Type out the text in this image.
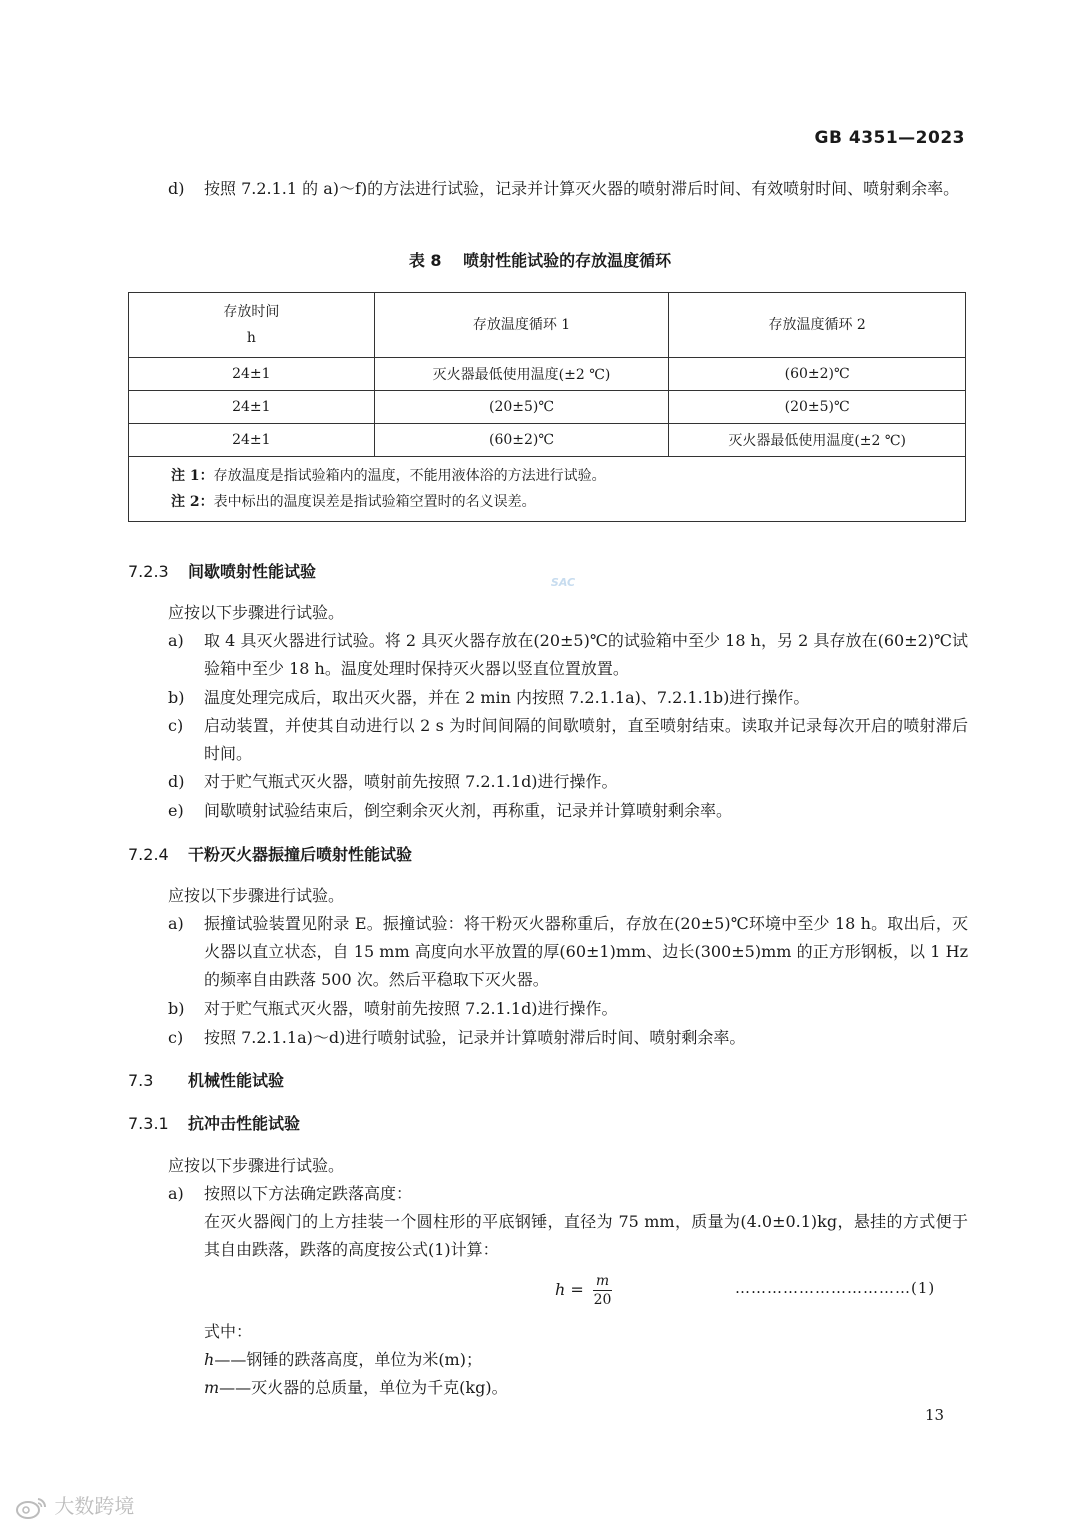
GB 4351—2023
d)	按照 7.2.1.1 的 a)～f)的方法进行试验，记录并计算灭火器的喷射滞后时间、有效喷射时间、喷射剩余率。
表 8 喷射性能试验的存放温度循环
存放时间
h	存放温度循环 1	存放温度循环 2
24±1	灭火器最低使用温度(±2 ℃)	(60±2)℃
24±1	(20±5)℃	(20±5)℃
24±1	(60±2)℃	灭火器最低使用温度(±2 ℃)

注 1：存放温度是指试验箱内的温度，不能用液体浴的方法进行试验。
注 2：表中标出的温度误差是指试验箱空置时的名义误差。		
7.2.3 间歇喷射性能试验
SAC
应按以下步骤进行试验。
a)	取 4 具灭火器进行试验。将 2 具灭火器存放在(20±5)℃的试验箱中至少 18 h，另 2 具存放在(60±2)℃试验箱中至少 18 h。温度处理时保持灭火器以竖直位置放置。
b)	温度处理完成后，取出灭火器，并在 2 min 内按照 7.2.1.1a)、7.2.1.1b)进行操作。
c)	启动装置，并使其自动进行以 2 s 为时间间隔的间歇喷射，直至喷射结束。读取并记录每次开启的喷射滞后时间。
d)	对于贮气瓶式灭火器，喷射前先按照 7.2.1.1d)进行操作。
e)	间歇喷射试验结束后，倒空剩余灭火剂，再称重，记录并计算喷射剩余率。
7.2.4 干粉灭火器振撞后喷射性能试验
应按以下步骤进行试验。
a)	振撞试验装置见附录 E。振撞试验：将干粉灭火器称重后，存放在(20±5)℃环境中至少 18 h。取出后，灭火器以直立状态，自 15 mm 高度向水平放置的厚(60±1)mm、边长(300±5)mm 的正方形钢板，以 1 Hz 的频率自由跌落 500 次。然后平稳取下灭火器。
b)	对于贮气瓶式灭火器，喷射前先按照 7.2.1.1d)进行操作。
c)	按照 7.2.1.1a)～d)进行喷射试验，记录并计算喷射滞后时间、喷射剩余率。
7.3 机械性能试验
7.3.1 抗冲击性能试验
应按以下步骤进行试验。
a)	按照以下方法确定跌落高度：
在灭火器阀门的上方挂装一个圆柱形的平底钢锤，直径为 75 mm，质量为(4.0±0.1)kg，悬挂的方式便于其自由跌落，跌落的高度按公式(1)计算：
$h = \frac{m}{20}$	……………………………(1)
式中：
h——钢锤的跌落高度，单位为米(m)；
m——灭火器的总质量，单位为千克(kg)。
13
大数跨境
